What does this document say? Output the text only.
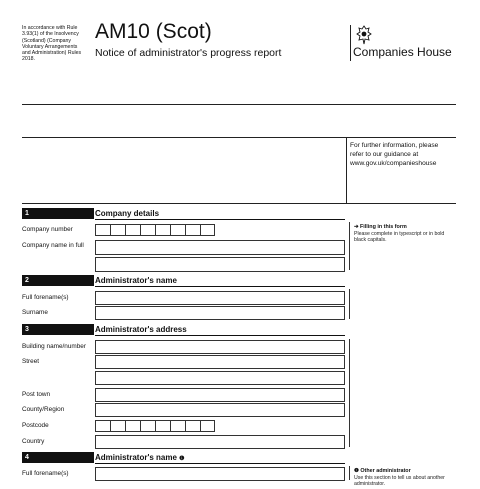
In accordance with Rule 3.93(1) of the Insolvency (Scotland) (Company Voluntary Arrangements and Administration) Rules 2018.
AM10 (Scot)
Notice of administrator's progress report	Companies House
For further information, please refer to our guidance at www.gov.uk/companieshouse
1	Company details
Company number
Company name in full
➔ Filling in this form
Please complete in typescript or in bold black capitals.
2	Administrator's name
Full forename(s)
Surname
3	Administrator's address
Building name/number
Street
Post town
County/Region
Postcode
Country
4	Administrator's name ❶
Full forename(s)	❶ Other administrator
Use this section to tell us about another administrator.
